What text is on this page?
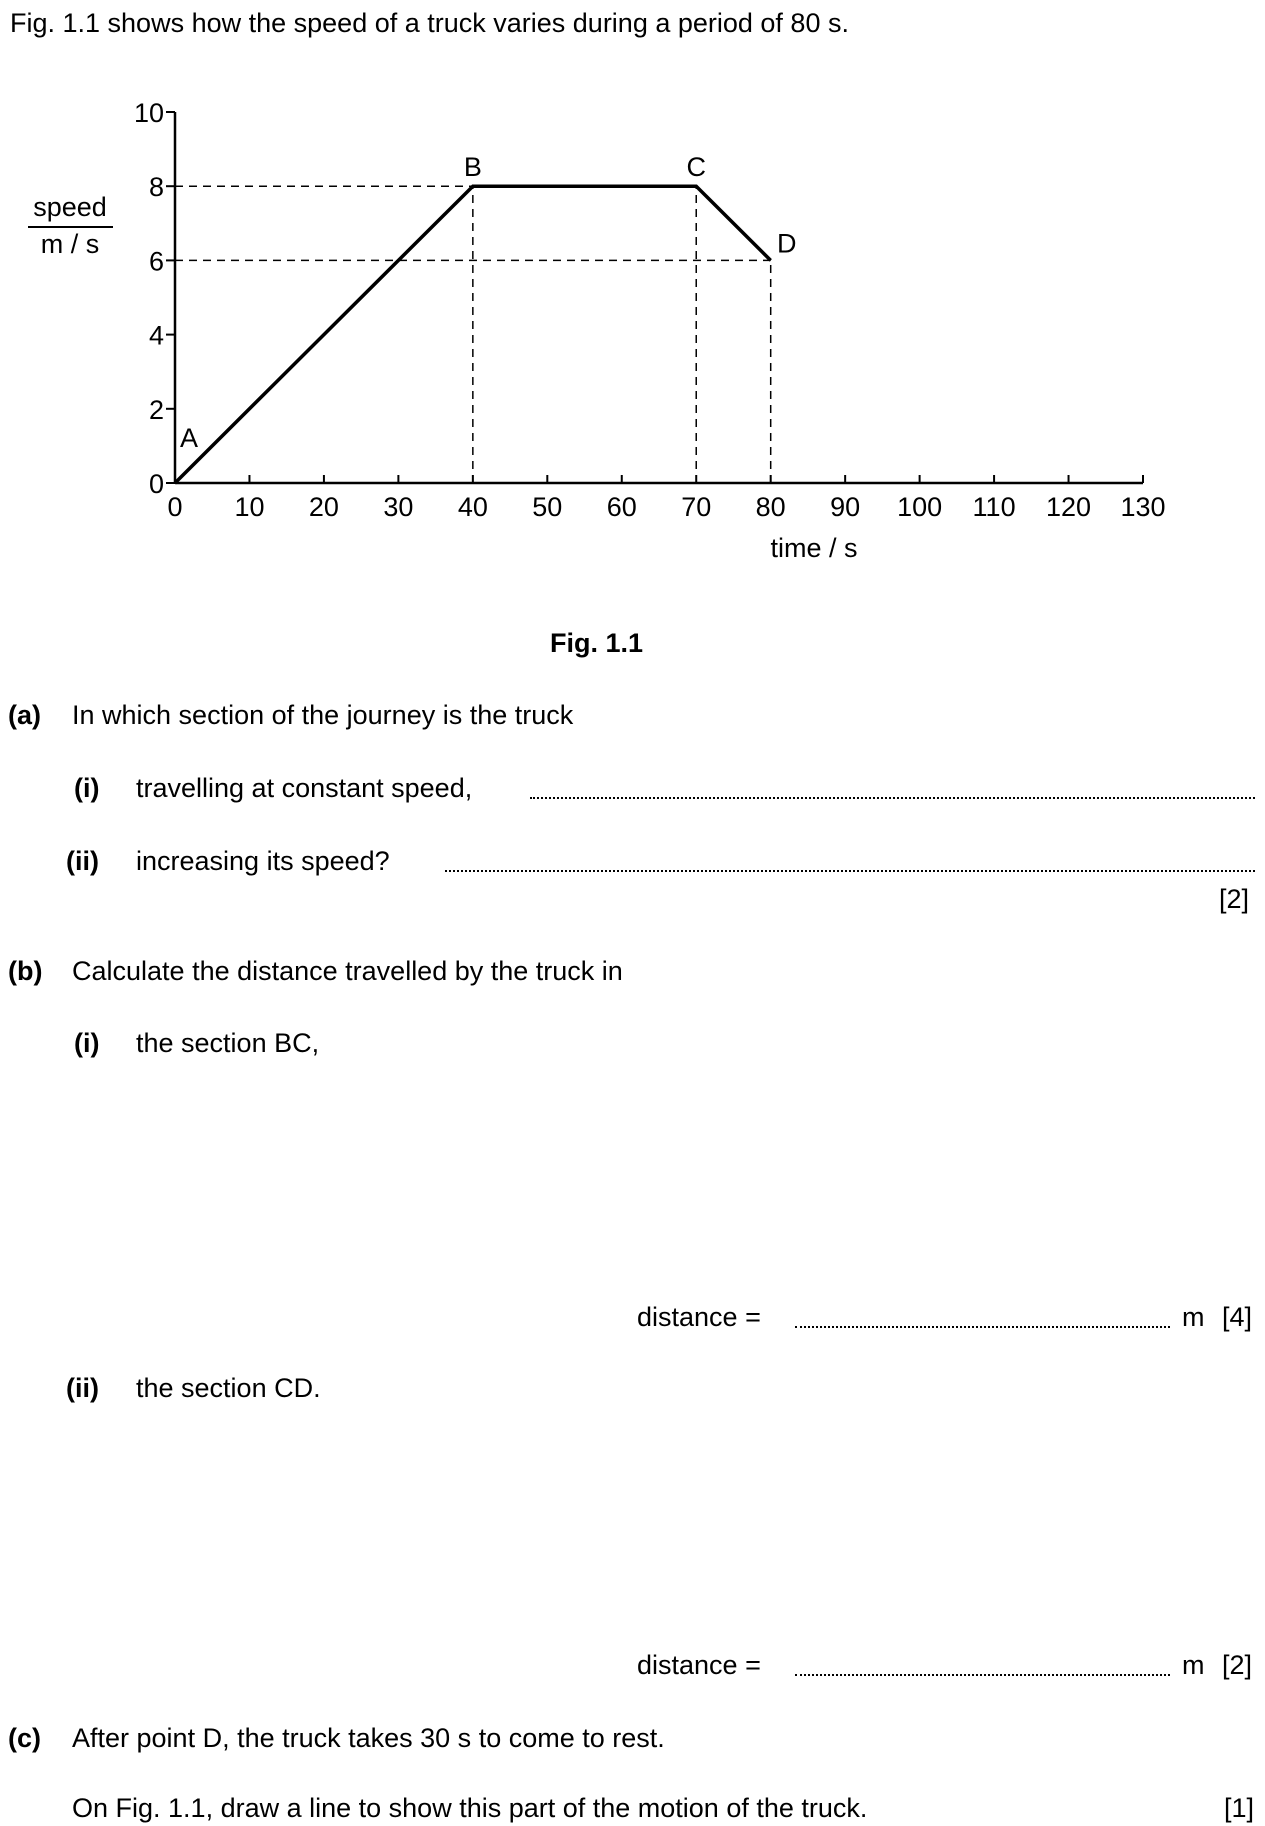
Fig. 1.1 shows how the speed of a truck varies during a period of 80 s.
0 10 20 30 40 50 60 70 80 90 100 110 120 130
0
2
4
6
8
10
A
B	C
D
speed
m / s
time / s
Fig. 1.1
(a) In which section of the journey is the truck
(i) travelling at constant speed,
(ii) increasing its speed?
[2]
(b) Calculate the distance travelled by the truck in
(i) the section BC,
distance =	m [4]
(ii) the section CD.
distance =	m [2]
(c) After point D, the truck takes 30 s to come to rest.
On Fig. 1.1, draw a line to show this part of the motion of the truck.	[1]
